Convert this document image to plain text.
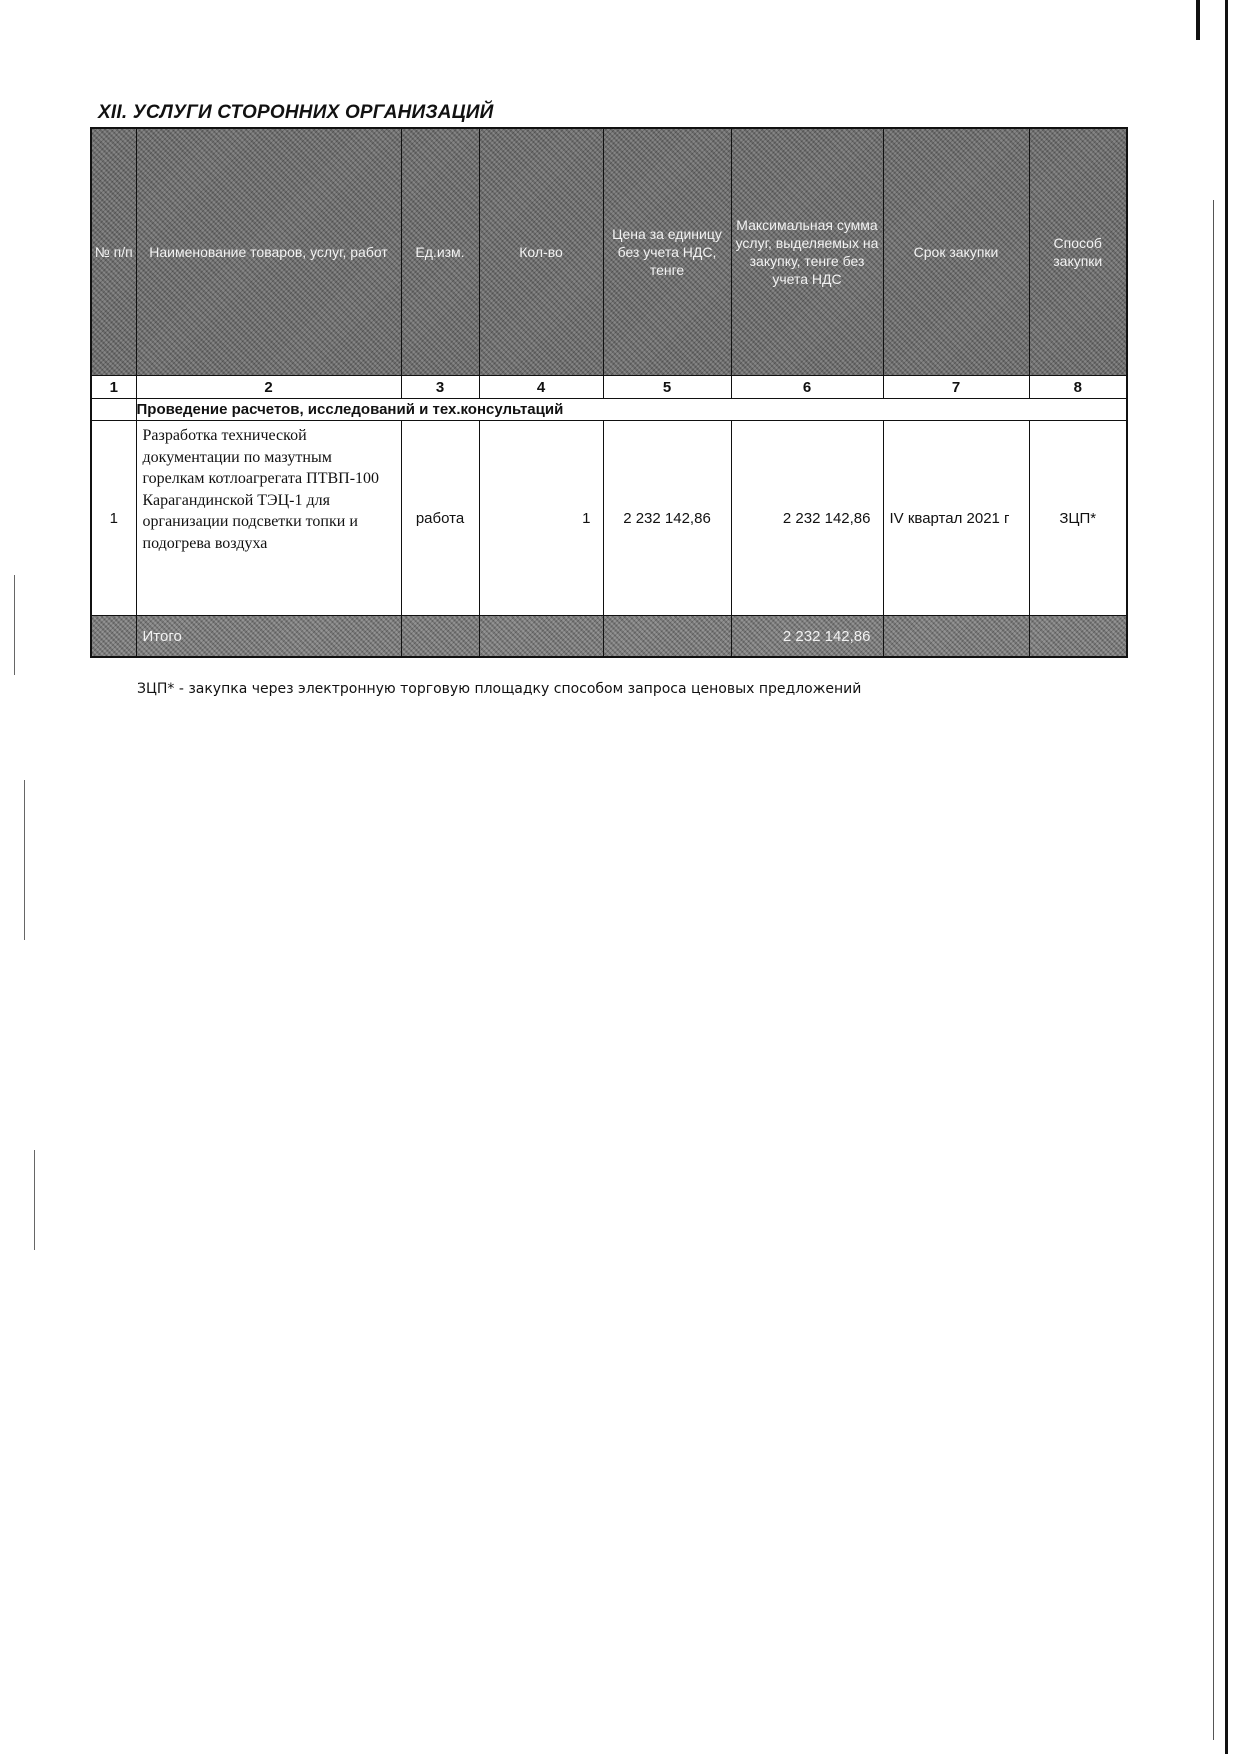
XII. УСЛУГИ СТОРОННИХ ОРГАНИЗАЦИЙ
№ п/п	Наименование товаров, услуг, работ	Ед.изм.	Кол-во	Цена за единицу без учета НДС, тенге	Максимальная сумма услуг, выделяемых на закупку, тенге без учета НДС	Срок закупки	Способ закупки
1	2	3	4	5	6	7	8
	Проведение расчетов, исследований и тех.консультаций						
1	Разработка технической документации по мазутным горелкам котлоагрегата ПТВП-100 Карагандинской ТЭЦ-1 для организации подсветки топки и подогрева воздуха	работа	1	2 232 142,86	2 232 142,86	IV квартал 2021 г	ЗЦП*
	Итого				2 232 142,86		

ЗЦП* - закупка через электронную торговую площадку способом запроса ценовых предложений
